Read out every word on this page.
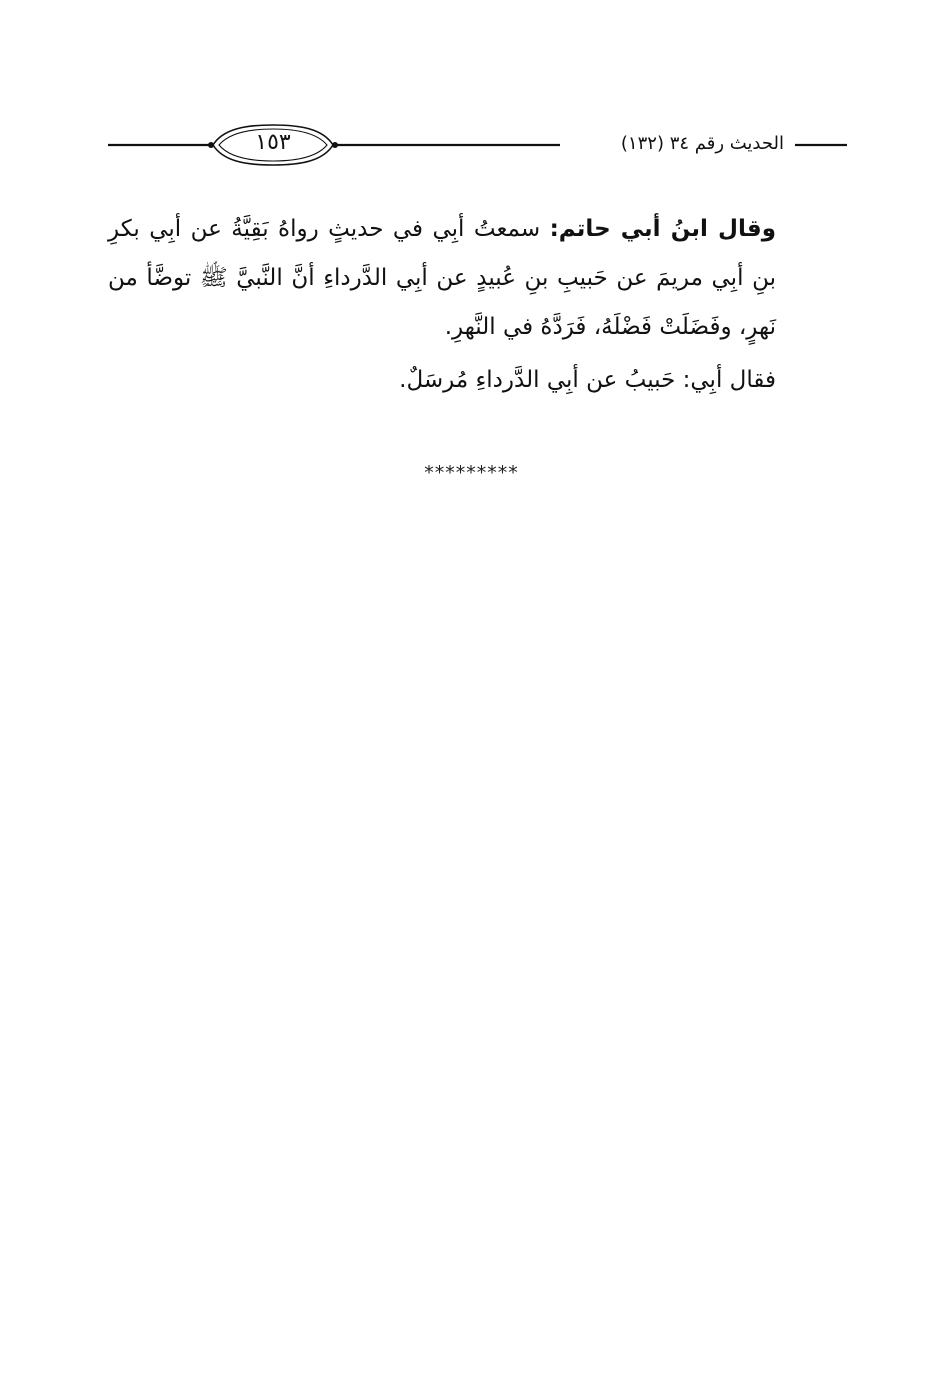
١٥٣	الحديث رقم ٣٤ (١٣٢)

وقال ابنُ أبي حاتم: سمعتُ أبِي في حديثٍ رواهُ بَقِيَّةُ عن أبِي بكرِ بنِ أبِي مريمَ عن حَبيبِ بنِ عُبيدٍ عن أبِي الدَّرداءِ أنَّ النَّبيَّ ﷺ توضَّأ من نَهرٍ، وفَضَلَتْ فَضْلَهُ، فَرَدَّهُ في النَّهرِ.

فقال أبِي: حَبيبُ عن أبِي الدَّرداءِ مُرسَلٌ.

*********
